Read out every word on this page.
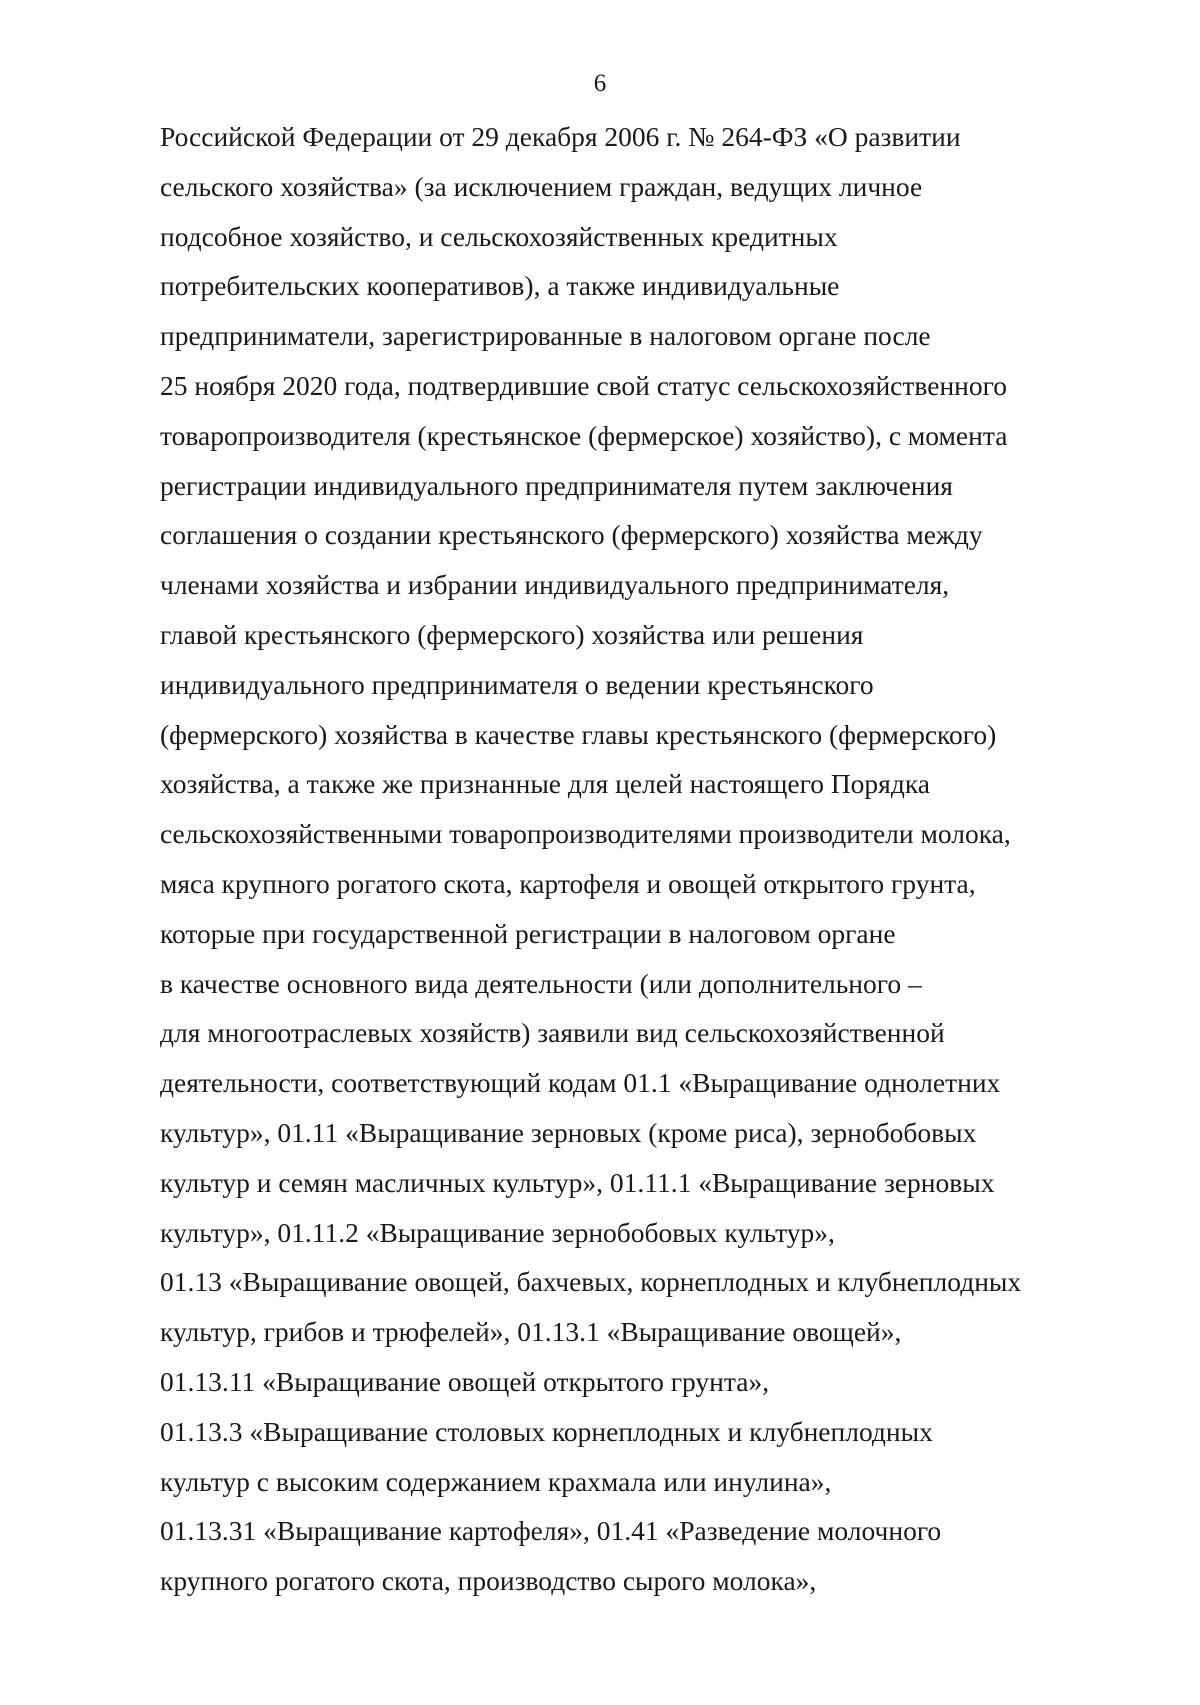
6

Российской Федерации от 29 декабря 2006 г. № 264-ФЗ «О развитии
сельского хозяйства» (за исключением граждан, ведущих личное
подсобное хозяйство, и сельскохозяйственных кредитных
потребительских кооперативов), а также индивидуальные
предприниматели, зарегистрированные в налоговом органе после
25 ноября 2020 года, подтвердившие свой статус сельскохозяйственного
товаропроизводителя (крестьянское (фермерское) хозяйство), с момента
регистрации индивидуального предпринимателя путем заключения
соглашения о создании крестьянского (фермерского) хозяйства между
членами хозяйства и избрании индивидуального предпринимателя,
главой крестьянского (фермерского) хозяйства или решения
индивидуального предпринимателя о ведении крестьянского
(фермерского) хозяйства в качестве главы крестьянского (фермерского)
хозяйства, а также же признанные для целей настоящего Порядка
сельскохозяйственными товаропроизводителями производители молока,
мяса крупного рогатого скота, картофеля и овощей открытого грунта,
которые при государственной регистрации в налоговом органе
в качестве основного вида деятельности (или дополнительного –
для многоотраслевых хозяйств) заявили вид сельскохозяйственной
деятельности, соответствующий кодам 01.1 «Выращивание однолетних
культур», 01.11 «Выращивание зерновых (кроме риса), зернобобовых
культур и семян масличных культур», 01.11.1 «Выращивание зерновых
культур», 01.11.2 «Выращивание зернобобовых культур»,
01.13 «Выращивание овощей, бахчевых, корнеплодных и клубнеплодных
культур, грибов и трюфелей», 01.13.1 «Выращивание овощей»,
01.13.11 «Выращивание овощей открытого грунта»,
01.13.3 «Выращивание столовых корнеплодных и клубнеплодных
культур с высоким содержанием крахмала или инулина»,
01.13.31 «Выращивание картофеля», 01.41 «Разведение молочного
крупного рогатого скота, производство сырого молока»,
